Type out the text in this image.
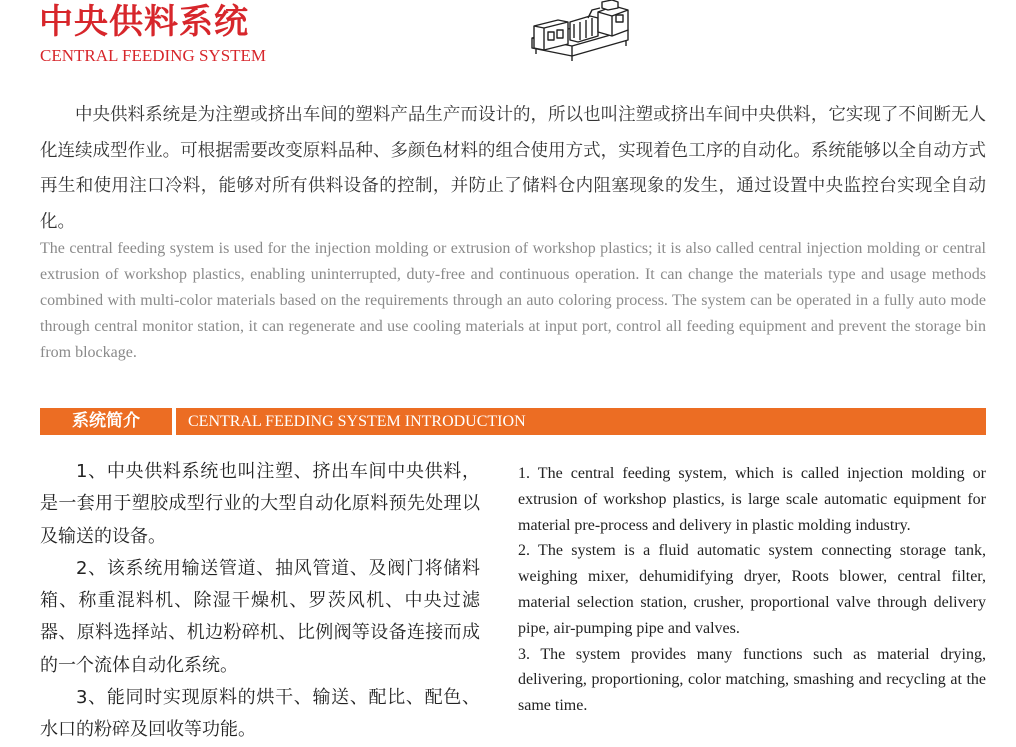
中央供料系统
CENTRAL FEEDING SYSTEM

中央供料系统是为注塑或挤出车间的塑料产品生产而设计的，所以也叫注塑或挤出车间中央供料，它实现了不间断无人化连续成型作业。可根据需要改变原料品种、多颜色材料的组合使用方式，实现着色工序的自动化。系统能够以全自动方式再生和使用注口冷料，能够对所有供料设备的控制，并防止了储料仓内阻塞现象的发生，通过设置中央监控台实现全自动化。

The central feeding system is used for the injection molding or extrusion of workshop plastics; it is also called central injection molding or central extrusion of workshop plastics, enabling uninterrupted, duty-free and continuous operation. It can change the materials type and usage methods combined with multi-color materials based on the requirements through an auto coloring process. The system can be operated in a fully auto mode through central monitor station, it can regenerate and use cooling materials at input port, control all feeding equipment and prevent the storage bin from blockage.

系统简介	CENTRAL FEEDING SYSTEM INTRODUCTION

1、中央供料系统也叫注塑、挤出车间中央供料，是一套用于塑胶成型行业的大型自动化原料预先处理以及输送的设备。

2、该系统用输送管道、抽风管道、及阀门将储料箱、称重混料机、除湿干燥机、罗茨风机、中央过滤器、原料选择站、机边粉碎机、比例阀等设备连接而成的一个流体自动化系统。

3、能同时实现原料的烘干、输送、配比、配色、水口的粉碎及回收等功能。

1. The central feeding system, which is called injection molding or extrusion of workshop plastics, is large scale automatic equipment for material pre-process and delivery in plastic molding industry.

2. The system is a fluid automatic system connecting storage tank, weighing mixer, dehumidifying dryer, Roots blower, central filter, material selection station, crusher, proportional valve through delivery pipe, air-pumping pipe and valves.

3. The system provides many functions such as material drying, delivering, proportioning, color matching, smashing and recycling at the same time.
